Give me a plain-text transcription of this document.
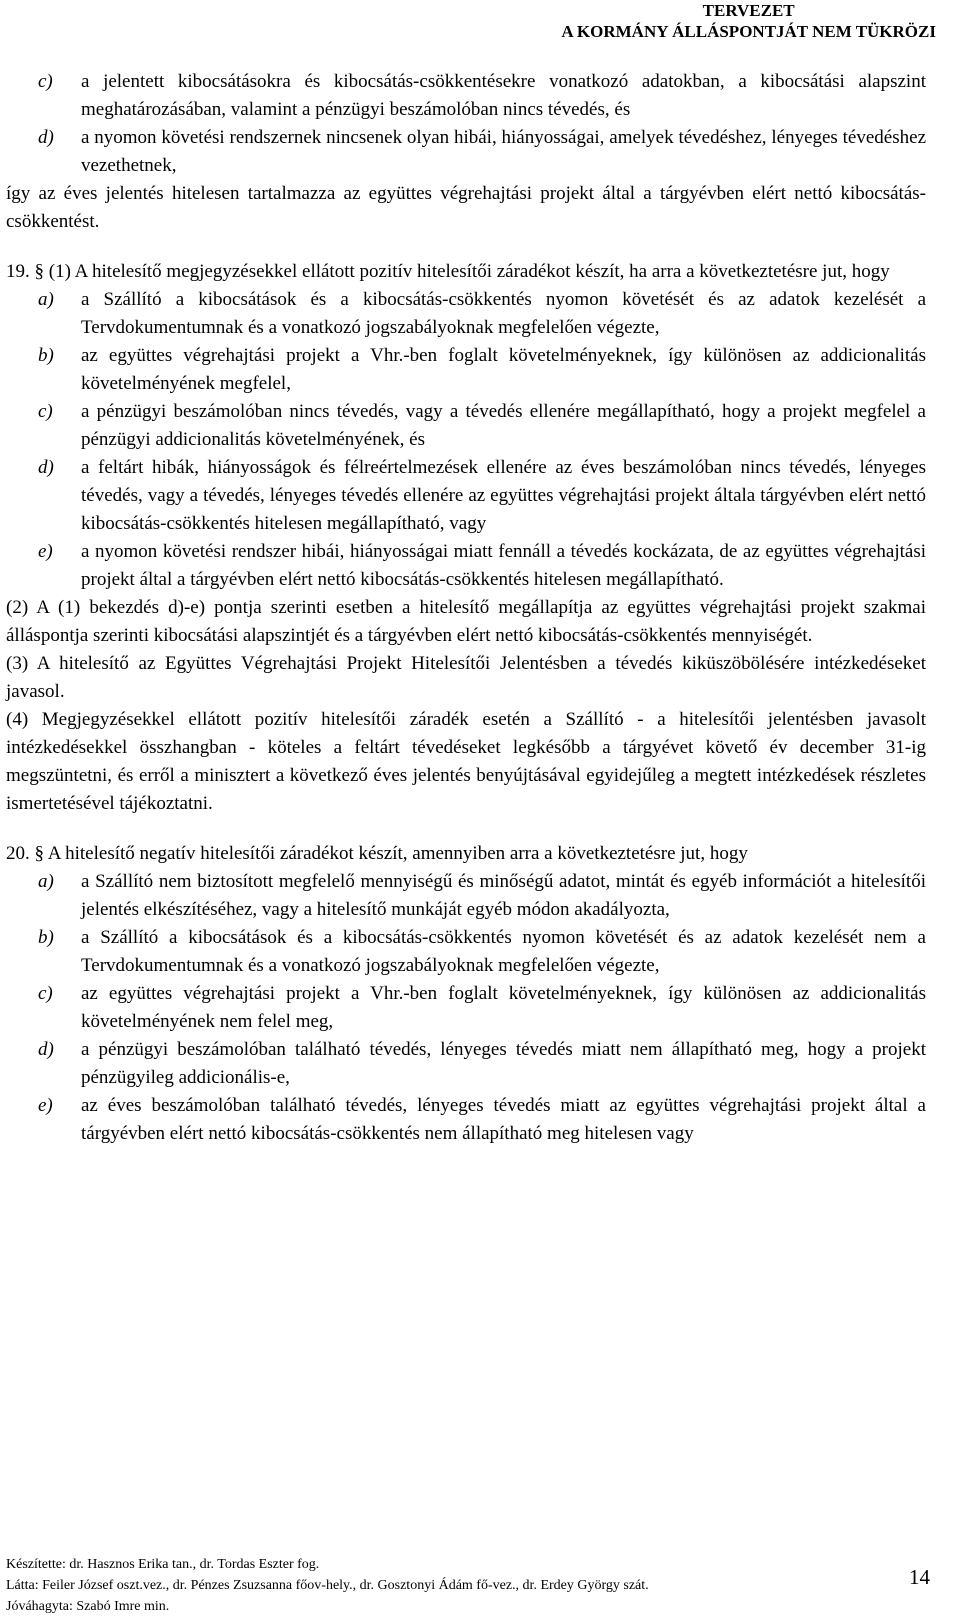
TERVEZET
A KORMÁNY ÁLLÁSPONTJÁT NEM TÜKRÖZI
c)	a jelentett kibocsátásokra és kibocsátás-csökkentésekre vonatkozó adatokban, a kibocsátási alapszint meghatározásában, valamint a pénzügyi beszámolóban nincs tévedés, és
d)	a nyomon követési rendszernek nincsenek olyan hibái, hiányosságai, amelyek tévedéshez, lényeges tévedéshez vezethetnek,

így az éves jelentés hitelesen tartalmazza az együttes végrehajtási projekt által a tárgyévben elért nettó kibocsátás-csökkentést.

19. § (1) A hitelesítő megjegyzésekkel ellátott pozitív hitelesítői záradékot készít, ha arra a következtetésre jut, hogy

a)	a Szállító a kibocsátások és a kibocsátás-csökkentés nyomon követését és az adatok kezelését a Tervdokumentumnak és a vonatkozó jogszabályoknak megfelelően végezte,
b)	az együttes végrehajtási projekt a Vhr.-ben foglalt követelményeknek, így különösen az addicionalitás követelményének megfelel,
c)	a pénzügyi beszámolóban nincs tévedés, vagy a tévedés ellenére megállapítható, hogy a projekt megfelel a pénzügyi addicionalitás követelményének, és
d)	a feltárt hibák, hiányosságok és félreértelmezések ellenére az éves beszámolóban nincs tévedés, lényeges tévedés, vagy a tévedés, lényeges tévedés ellenére az együttes végrehajtási projekt általa tárgyévben elért nettó kibocsátás-csökkentés hitelesen megállapítható, vagy
e)	a nyomon követési rendszer hibái, hiányosságai miatt fennáll a tévedés kockázata, de az együttes végrehajtási projekt által a tárgyévben elért nettó kibocsátás-csökkentés hitelesen megállapítható.

(2) A (1) bekezdés d)-e) pontja szerinti esetben a hitelesítő megállapítja az együttes végrehajtási projekt szakmai álláspontja szerinti kibocsátási alapszintjét és a tárgyévben elért nettó kibocsátás-csökkentés mennyiségét.

(3) A hitelesítő az Együttes Végrehajtási Projekt Hitelesítői Jelentésben a tévedés kiküszöbölésére intézkedéseket javasol.

(4) Megjegyzésekkel ellátott pozitív hitelesítői záradék esetén a Szállító - a hitelesítői jelentésben javasolt intézkedésekkel összhangban - köteles a feltárt tévedéseket legkésőbb a tárgyévet követő év december 31-ig megszüntetni, és erről a minisztert a következő éves jelentés benyújtásával egyidejűleg a megtett intézkedések részletes ismertetésével tájékoztatni.

20. § A hitelesítő negatív hitelesítői záradékot készít, amennyiben arra a következtetésre jut, hogy

a)	a Szállító nem biztosított megfelelő mennyiségű és minőségű adatot, mintát és egyéb információt a hitelesítői jelentés elkészítéséhez, vagy a hitelesítő munkáját egyéb módon akadályozta,
b)	a Szállító a kibocsátások és a kibocsátás-csökkentés nyomon követését és az adatok kezelését nem a Tervdokumentumnak és a vonatkozó jogszabályoknak megfelelően végezte,
c)	az együttes végrehajtási projekt a Vhr.-ben foglalt követelményeknek, így különösen az addicionalitás követelményének nem felel meg,
d)	a pénzügyi beszámolóban található tévedés, lényeges tévedés miatt nem állapítható meg, hogy a projekt pénzügyileg addicionális-e,
e)	az éves beszámolóban található tévedés, lényeges tévedés miatt az együttes végrehajtási projekt által a tárgyévben elért nettó kibocsátás-csökkentés nem állapítható meg hitelesen vagy
Készítette: dr. Hasznos Erika tan., dr. Tordas Eszter fog.
Látta: Feiler József oszt.vez., dr. Pénzes Zsuzsanna főov-hely., dr. Gosztonyi Ádám fő-vez., dr. Erdey György szát.
Jóváhagyta: Szabó Imre min.
14
